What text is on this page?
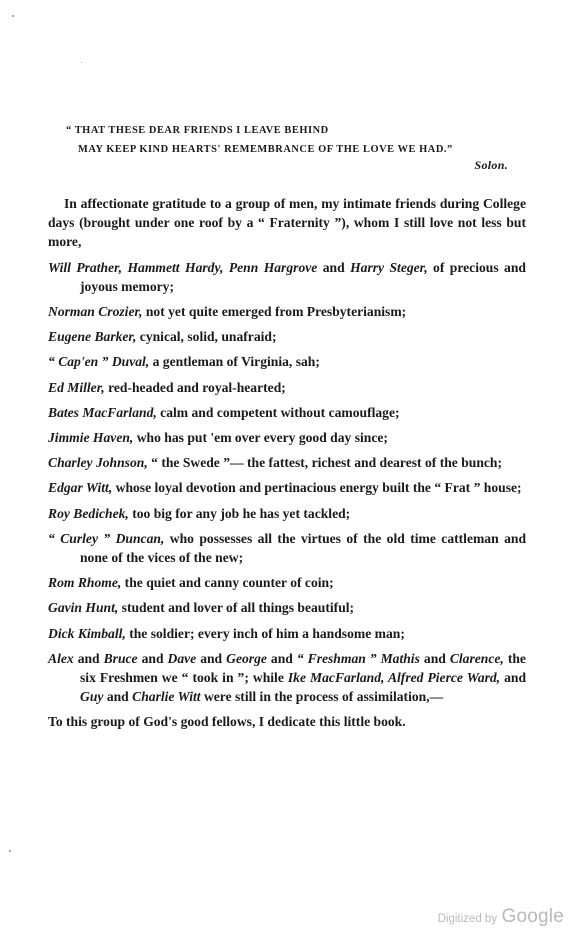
“ THAT THESE DEAR FRIENDS I LEAVE BEHIND
MAY KEEP KIND HEARTS' REMEMBRANCE OF THE LOVE WE HAD.”
Solon.

In affectionate gratitude to a group of men, my intimate friends during College days (brought under one roof by a “ Fraternity ”), whom I still love not less but more,

Will Prather, Hammett Hardy, Penn Hargrove and Harry Steger, of precious and joyous memory;

Norman Crozier, not yet quite emerged from Presbyterianism;

Eugene Barker, cynical, solid, unafraid;

“ Cap'en ” Duval, a gentleman of Virginia, sah;

Ed Miller, red-headed and royal-hearted;

Bates MacFarland, calm and competent without camouflage;

Jimmie Haven, who has put 'em over every good day since;

Charley Johnson, “ the Swede ”— the fattest, richest and dearest of the bunch;

Edgar Witt, whose loyal devotion and pertinacious energy built the “ Frat ” house;

Roy Bedichek, too big for any job he has yet tackled;

“ Curley ” Duncan, who possesses all the virtues of the old time cattleman and none of the vices of the new;

Rom Rhome, the quiet and canny counter of coin;

Gavin Hunt, student and lover of all things beautiful;

Dick Kimball, the soldier; every inch of him a handsome man;

Alex and Bruce and Dave and George and “ Freshman ” Mathis and Clarence, the six Freshmen we “ took in ”; while Ike MacFarland, Alfred Pierce Ward, and Guy and Charlie Witt were still in the process of assimilation,—

To this group of God's good fellows, I dedicate this little book.

Digitized by Google
